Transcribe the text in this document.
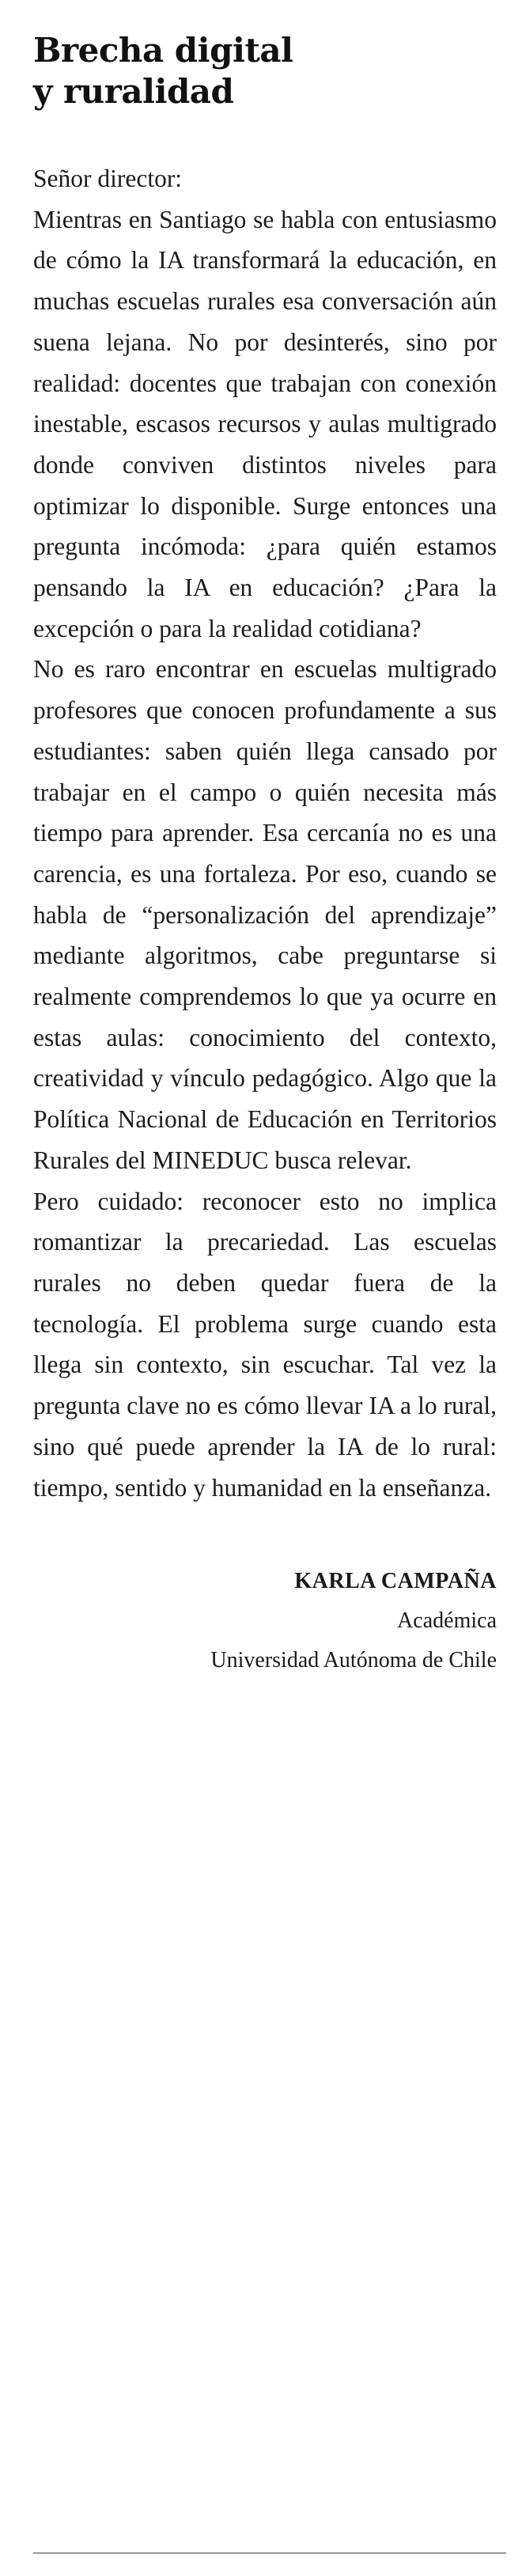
Brecha digital
y ruralidad
Señor director:

Mientras en Santiago se habla con entusiasmo de cómo la IA transformará la educación, en muchas escuelas rurales esa conversación aún suena lejana. No por desinterés, sino por realidad: docentes que trabajan con conexión inestable, escasos recursos y aulas multigrado donde conviven distintos niveles para optimizar lo disponible. Surge entonces una pregunta incómoda: ¿para quién estamos pensando la IA en educación? ¿Para la excepción o para la realidad cotidiana?

No es raro encontrar en escuelas multigrado profesores que conocen profundamente a sus estudiantes: saben quién llega cansado por trabajar en el campo o quién necesita más tiempo para aprender. Esa cercanía no es una carencia, es una fortaleza. Por eso, cuando se habla de “personalización del aprendizaje” mediante algoritmos, cabe preguntarse si realmente comprendemos lo que ya ocurre en estas aulas: conocimiento del contexto, creatividad y vínculo pedagógico. Algo que la Política Nacional de Educación en Territorios Rurales del MINEDUC busca relevar.

Pero cuidado: reconocer esto no implica romantizar la precariedad. Las escuelas rurales no deben quedar fuera de la tecnología. El problema surge cuando esta llega sin contexto, sin escuchar. Tal vez la pregunta clave no es cómo llevar IA a lo rural, sino qué puede aprender la IA de lo rural: tiempo, sentido y humanidad en la enseñanza.

KARLA CAMPAÑA
Académica
Universidad Autónoma de Chile
